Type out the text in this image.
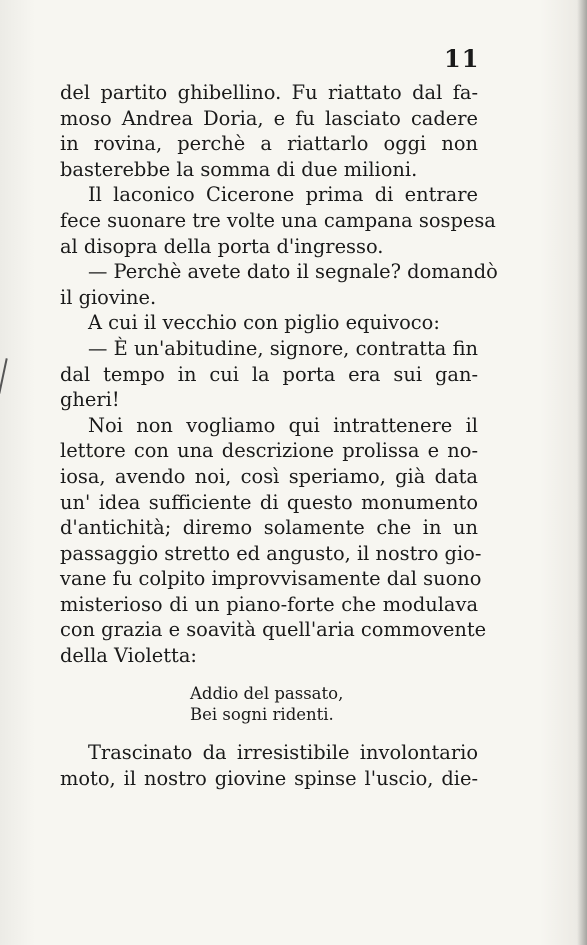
11
del partito ghibellino. Fu riattato dal fa-
moso Andrea Doria, e fu lasciato cadere
in rovina, perchè a riattarlo oggi non
basterebbe la somma di due milioni.
Il laconico Cicerone prima di entrare
fece suonare tre volte una campana sospesa
al disopra della porta d'ingresso.
— Perchè avete dato il segnale? domandò
il giovine.
A cui il vecchio con piglio equivoco:
— È un'abitudine, signore, contratta fin
dal tempo in cui la porta era sui gan-
gheri!
Noi non vogliamo qui intrattenere il
lettore con una descrizione prolissa e no-
iosa, avendo noi, così speriamo, già data
un' idea sufficiente di questo monumento
d'antichità; diremo solamente che in un
passaggio stretto ed angusto, il nostro gio-
vane fu colpito improvvisamente dal suono
misterioso di un piano-forte che modulava
con grazia e soavità quell'aria commovente
della Violetta:
Addio del passato,
Bei sogni ridenti.
Trascinato da irresistibile involontario
moto, il nostro giovine spinse l'uscio, die-
